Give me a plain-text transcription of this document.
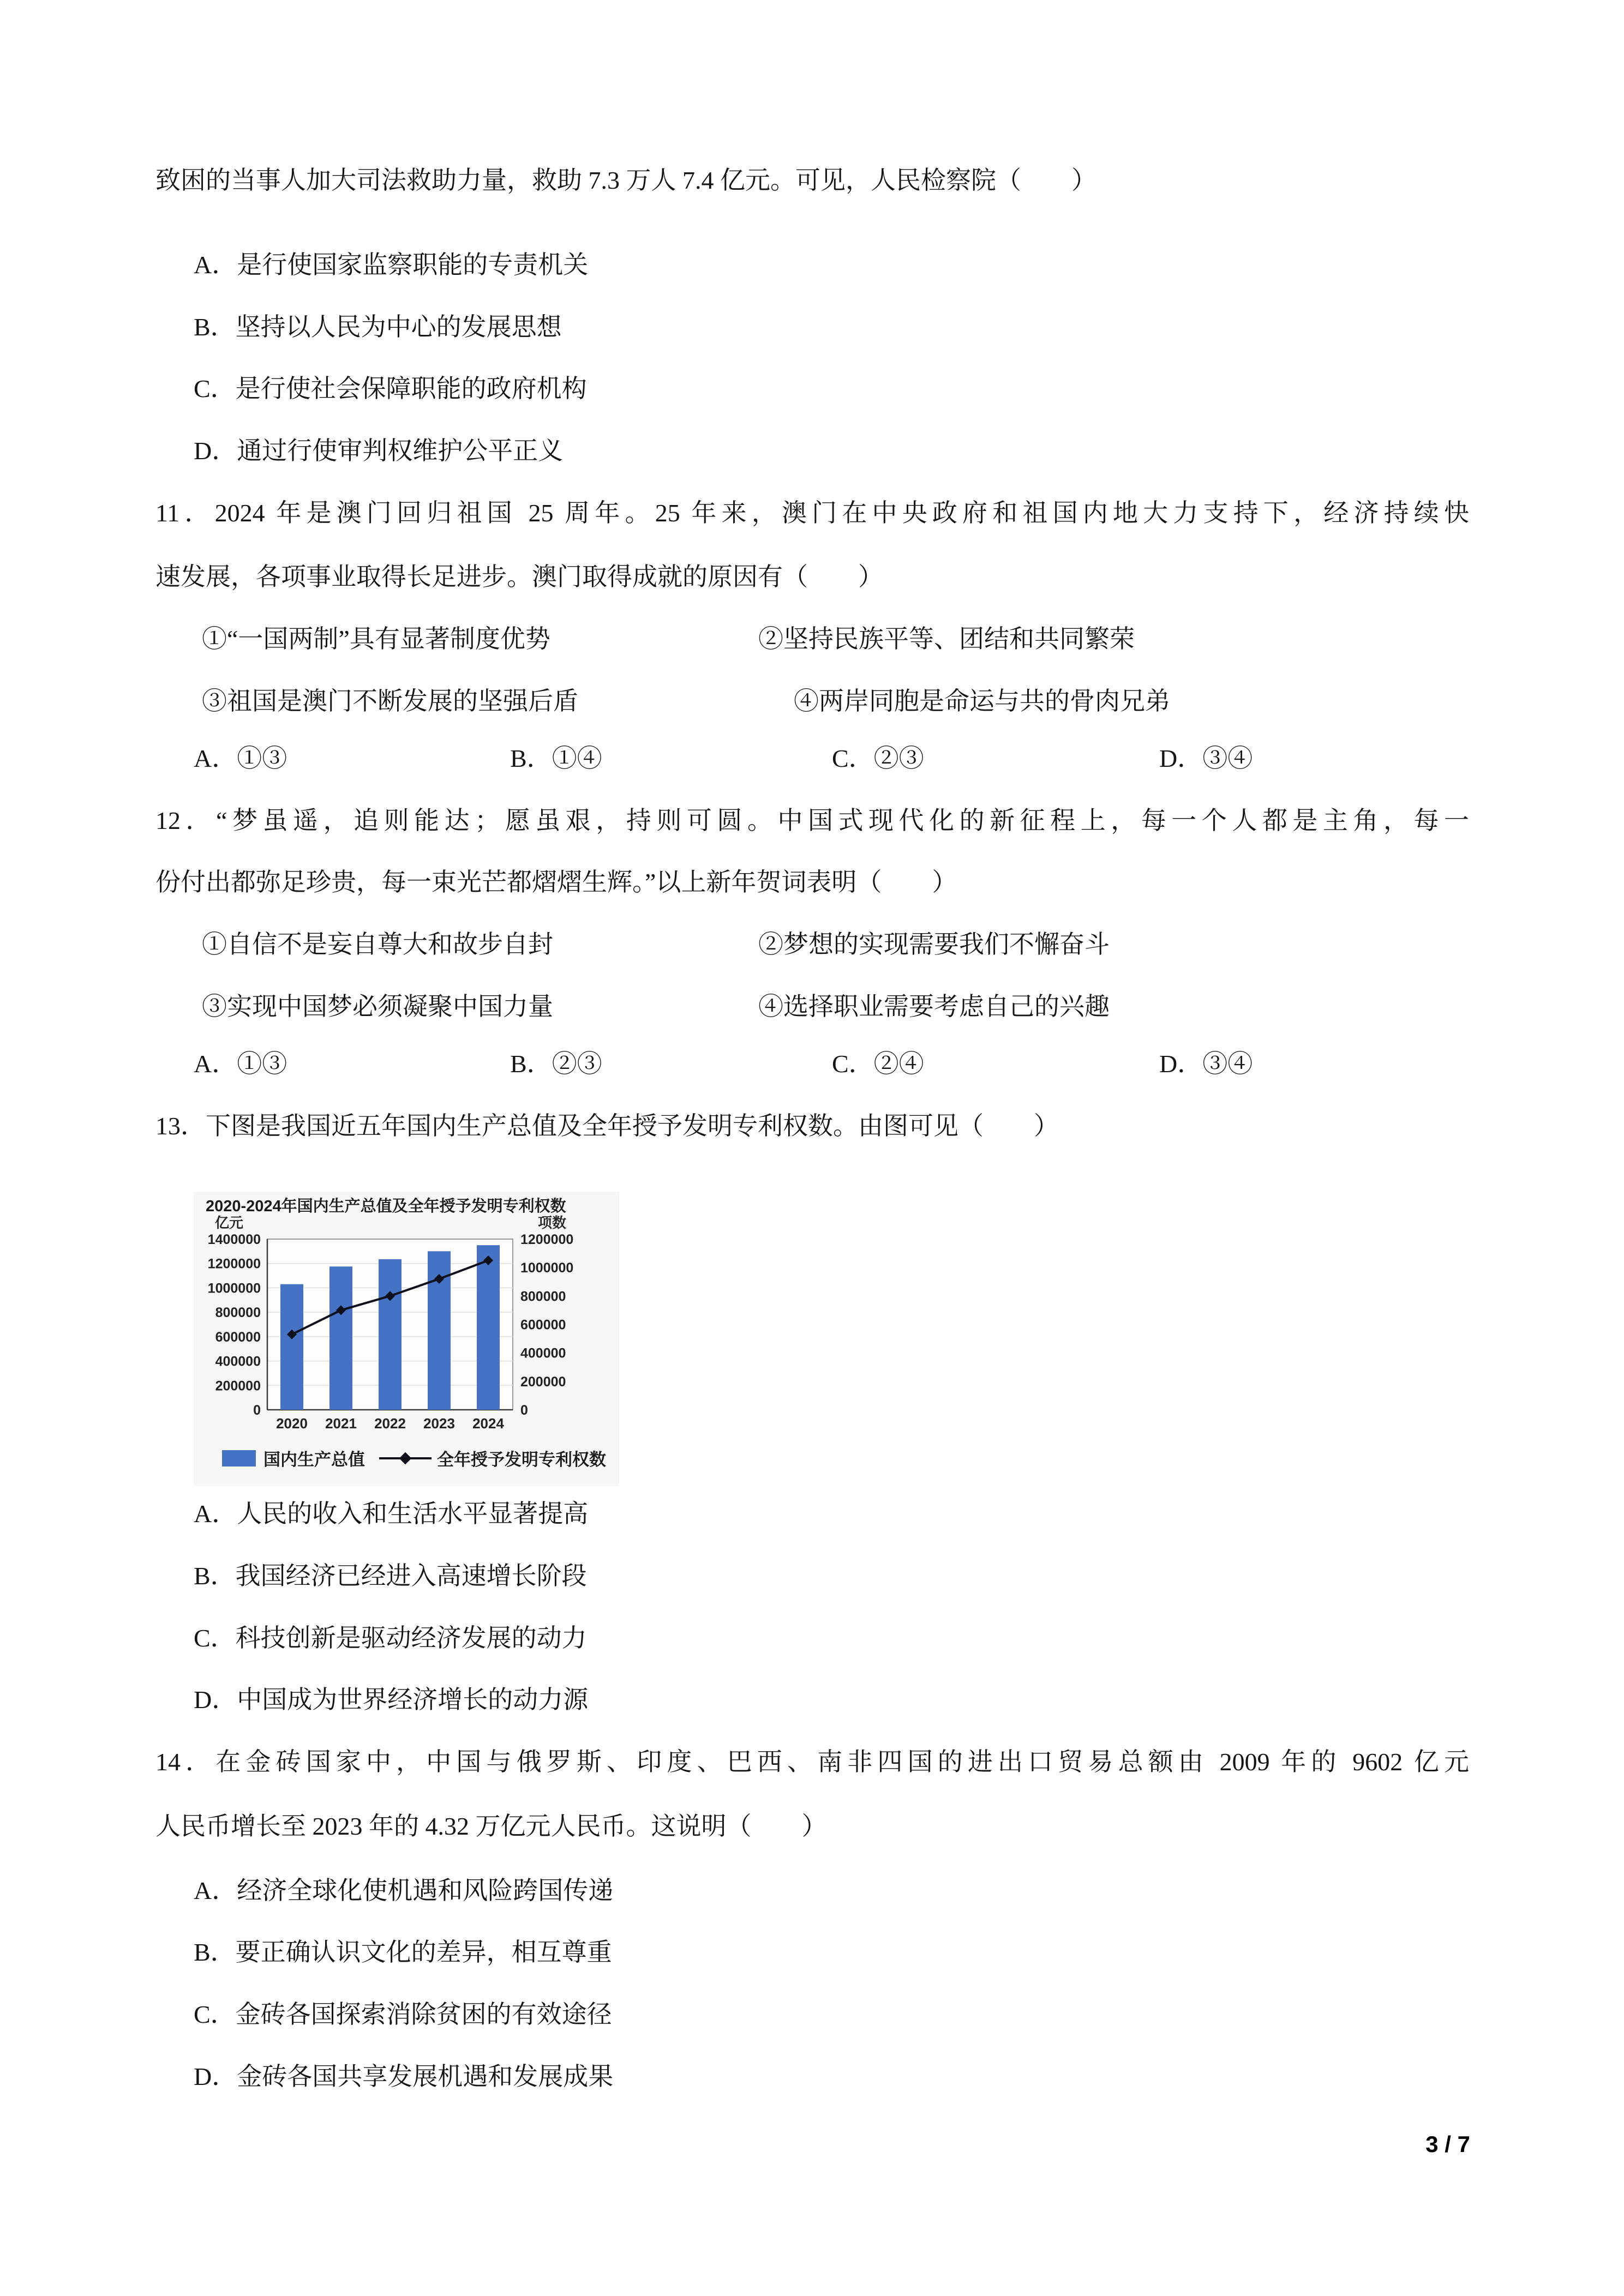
致困的当事人加大司法救助力量，救助 7.3 万人 7.4 亿元。可见，人民检察院（　　）
A．是行使国家监察职能的专责机关
B．坚持以人民为中心的发展思想
C．是行使社会保障职能的政府机构
D．通过行使审判权维护公平正义
11．2024 年是澳门回归祖国 25 周年。25 年来，澳门在中央政府和祖国内地大力支持下，经济持续快
速发展，各项事业取得长足进步。澳门取得成就的原因有（　　）
①“一国两制”具有显著制度优势	②坚持民族平等、团结和共同繁荣
③祖国是澳门不断发展的坚强后盾	④两岸同胞是命运与共的骨肉兄弟
A．①③	B．①④	C．②③	D．③④
12．“梦虽遥，追则能达；愿虽艰，持则可圆。中国式现代化的新征程上，每一个人都是主角，每一
份付出都弥足珍贵，每一束光芒都熠熠生辉。”以上新年贺词表明（　　）
①自信不是妄自尊大和故步自封	②梦想的实现需要我们不懈奋斗
③实现中国梦必须凝聚中国力量	④选择职业需要考虑自己的兴趣
A．①③	B．②③	C．②④	D．③④
13．下图是我国近五年国内生产总值及全年授予发明专利权数。由图可见（　　）
2020-2024年国内生产总值及全年授予发明专利权数
0
200000
400000
600000
800000
1000000
1200000
1400000
0
200000
400000
600000
800000
1000000
1200000
亿元	项数
2020 2021 2022 2023 2024
国内生产总值	全年授予发明专利权数
A．人民的收入和生活水平显著提高
B．我国经济已经进入高速增长阶段
C．科技创新是驱动经济发展的动力
D．中国成为世界经济增长的动力源
14．在金砖国家中，中国与俄罗斯、印度、巴西、南非四国的进出口贸易总额由 2009 年的 9602 亿元
人民币增长至 2023 年的 4.32 万亿元人民币。这说明（　　）
A．经济全球化使机遇和风险跨国传递
B．要正确认识文化的差异，相互尊重
C．金砖各国探索消除贫困的有效途径
D．金砖各国共享发展机遇和发展成果
3 / 7
